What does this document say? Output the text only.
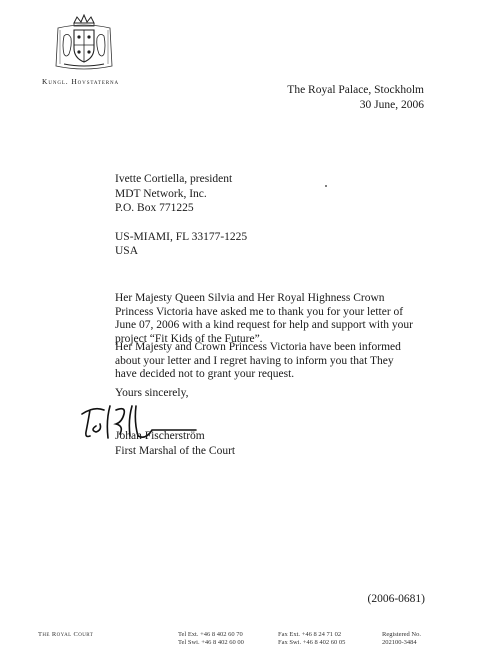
Kungl. Hovstaterna
The Royal Palace, Stockholm
30 June, 2006
Ivette Cortiella, president
MDT Network, Inc.
P.O. Box 771225
US-MIAMI, FL 33177-1225
USA
Her Majesty Queen Silvia and Her Royal Highness Crown Princess Victoria have asked me to thank you for your letter of June 07, 2006 with a kind request for help and support with your project “Fit Kids of the Future”.
Her Majesty and Crown Princess Victoria have been informed about your letter and I regret having to inform you that They have decided not to grant your request.
Yours sincerely,
Johan Fischerström
First Marshal of the Court
(2006-0681)
The Royal Court	Tel Ext. +46 8 402 60 70
Tel Swi. +46 8 402 60 00
Fax Ext. +46 8 24 71 02
Fax Swi. +46 8 402 60 05
Registered No.
202100-3484
